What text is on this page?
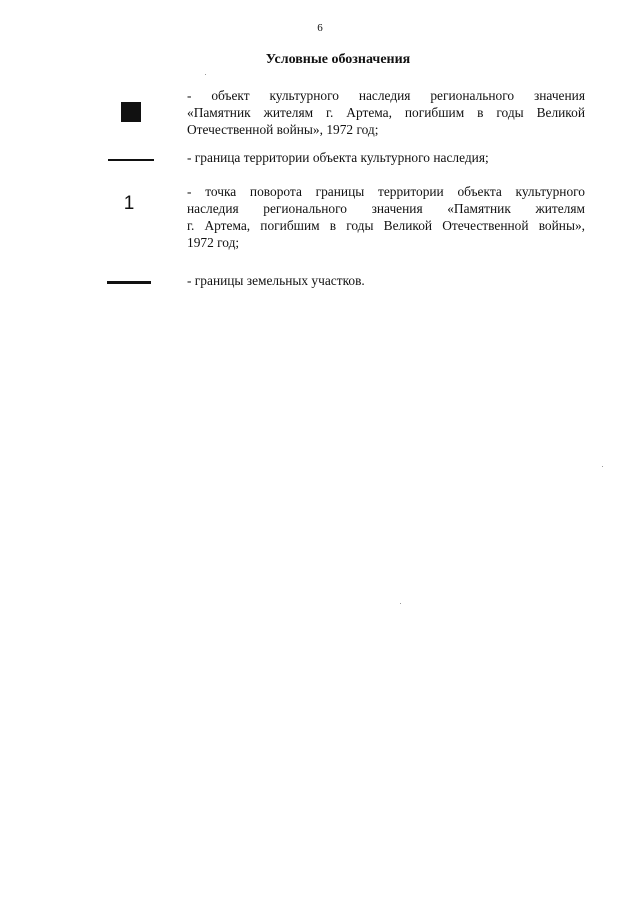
6
Условные обозначения

- объект культурного наследия регионального значения
«Памятник жителям г. Артема, погибшим в годы Великой
Отечественной войны», 1972 год;

- граница территории объекта культурного наследия;

1

- точка поворота границы территории объекта культурного
наследия регионального значения «Памятник жителям
г. Артема, погибшим в годы Великой Отечественной войны»,
1972 год;

- границы земельных участков.
